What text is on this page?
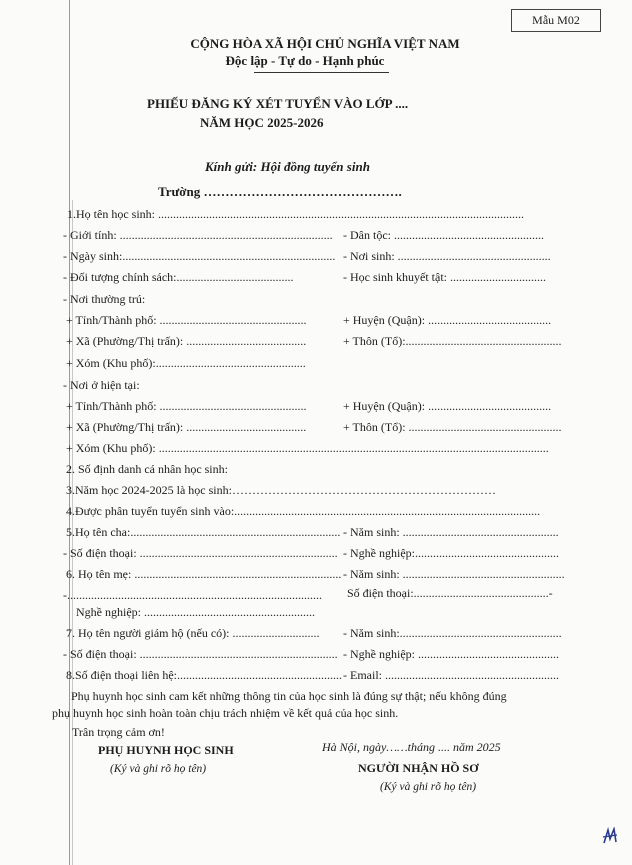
Mẫu M02
CỘNG HÒA XÃ HỘI CHỦ NGHĨA VIỆT NAM
Độc lập - Tự do - Hạnh phúc
PHIẾU ĐĂNG KÝ XÉT TUYỂN VÀO LỚP ....
NĂM HỌC 2025-2026
Kính gửi: Hội đồng tuyển sinh
Trường ……………………………………….
1.Họ tên học sinh: ..........................................................................................................................
- Giới tính: ....................................................................... - Dân tộc: ..................................................
- Ngày sinh:....................................................................... - Nơi sinh: ...................................................
- Đối tượng chính sách:.......................................	- Học sinh khuyết tật: ................................
- Nơi thường trú:
+ Tỉnh/Thành phố: .................................................	+ Huyện (Quận): .........................................
+ Xã (Phường/Thị trấn): ........................................	+ Thôn (Tổ):....................................................
+ Xóm (Khu phố):..................................................
- Nơi ở hiện tại:
+ Tỉnh/Thành phố: .................................................	+ Huyện (Quận): .........................................
+ Xã (Phường/Thị trấn): ........................................	+ Thôn (Tổ): ...................................................
+ Xóm (Khu phố): ..................................................................................................................................
2. Số định danh cá nhân học sinh:
3.Năm học 2024-2025 là học sinh:…………………………………………………………
4.Được phân tuyển tuyển sinh vào:......................................................................................................
5.Họ tên cha:...................................................................... - Năm sinh: ....................................................
- Số điện thoại: .................................................................. - Nghề nghiệp:................................................
6. Họ tên mẹ: ..................................................................... - Năm sinh: ......................................................
-..................................................................................... Số điện thoại:.............................................-
Nghề nghiệp: .........................................................
7. Họ tên người giám hộ (nếu có): ............................. - Năm sinh:......................................................
- Số điện thoại: .................................................................. - Nghề nghiệp: ...............................................
8.Số điện thoại liên hệ:....................................................... - Email: ..........................................................
Phụ huynh học sinh cam kết những thông tin của học sinh là đúng sự thật; nếu không đúng
phụ huynh học sinh hoàn toàn chịu trách nhiệm về kết quả của học sinh.
Trân trọng cảm ơn!
Hà Nội, ngày……tháng .... năm 2025
PHỤ HUYNH HỌC SINH
(Ký và ghi rõ họ tên)	NGƯỜI NHẬN HỒ SƠ
(Ký và ghi rõ họ tên)
